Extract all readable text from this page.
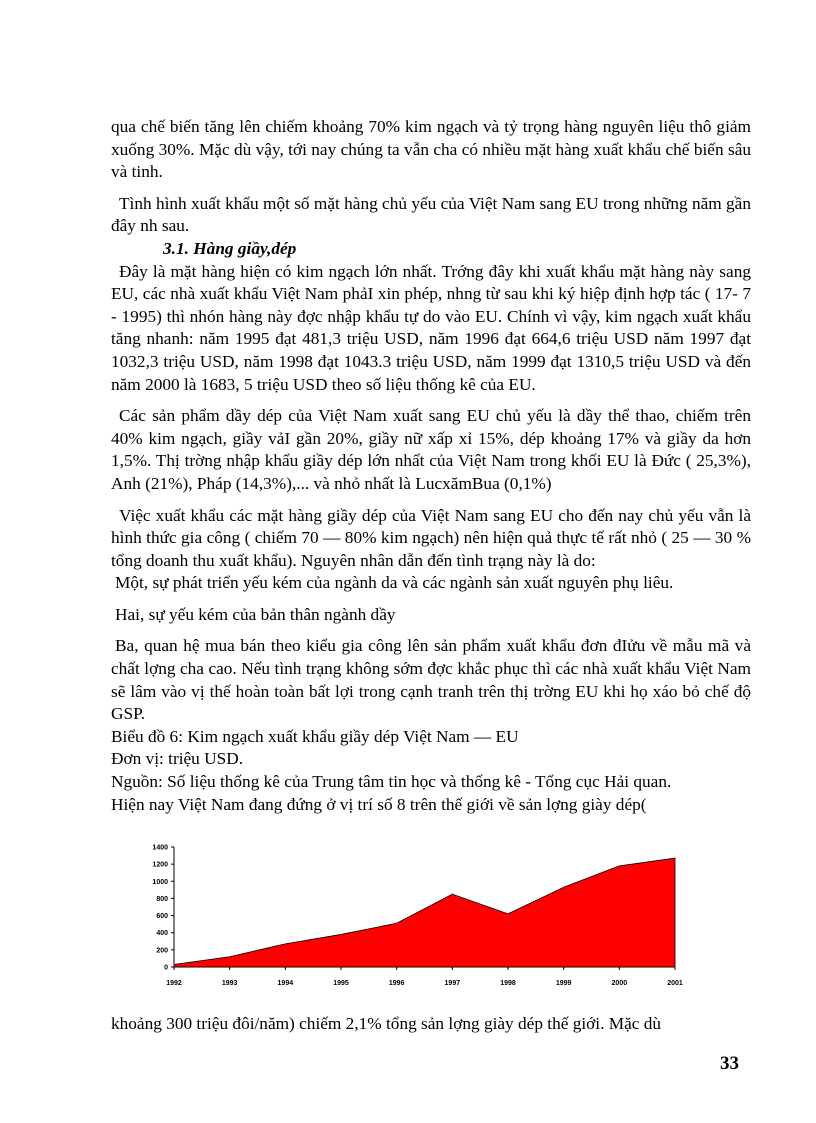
qua chế biến tăng lên chiếm khoảng 70% kim ngạch và tỷ trọng hàng nguyên liệu thô giảm xuống 30%. Mặc dù vậy, tới nay chúng ta vẫn cha có nhiều mặt hàng xuất khẩu chế biến sâu và tinh.

Tình hình xuất khẩu một số mặt hàng chủ yếu của Việt Nam sang EU trong những năm gần đây nh sau.

3.1. Hàng giầy,dép

Đây là mặt hàng hiện có kim ngạch lớn nhất. Trớng đây khi xuất khẩu mặt hàng này sang EU, các nhà xuất khẩu Việt Nam phảI xin phép, nhng từ sau khi ký hiệp định hợp tác ( 17- 7 - 1995) thì nhón hàng này đợc nhập khẩu tự do vào EU. Chính vì vậy, kim ngạch xuất khẩu tăng nhanh: năm 1995 đạt 481,3 triệu USD, năm 1996 đạt 664,6 triệu USD năm 1997 đạt 1032,3 triệu USD, năm 1998 đạt 1043.3 triệu USD, năm 1999 đạt 1310,5 triệu USD và đến năm 2000 là 1683, 5 triệu USD theo số liệu thống kê của EU.

Các sản phẩm dầy dép của Việt Nam xuất sang EU chủ yếu là dầy thể thao, chiếm trên 40% kim ngạch, giầy vảI gần 20%, giầy nữ xấp xỉ 15%, dép khoảng 17% và giầy da hơn 1,5%. Thị trờng nhập khẩu giầy dép lớn nhất của Việt Nam trong khối EU là Đức ( 25,3%), Anh (21%), Pháp (14,3%),... và nhỏ nhất là LucxămBua (0,1%)

Việc xuất khẩu các mặt hàng giầy dép của Việt Nam sang EU cho đến nay chủ yếu vẫn là hình thức gia công ( chiếm 70 — 80% kim ngạch) nên hiện quả thực tế rất nhỏ ( 25 — 30 % tổng doanh thu xuất khẩu). Nguyên nhân dẫn đến tình trạng này là do:

Một, sự phát triển yếu kém của ngành da và các ngành sản xuất nguyên phụ liêu.

Hai, sự yếu kém của bản thân ngành dầy

Ba, quan hệ mua bán theo kiểu gia công lên sản phẩm xuất khẩu đơn đIửu về mẫu mã và chất lợng cha cao. Nếu tình trạng không sớm đợc khắc phục thì các nhà xuất khẩu Việt Nam sẽ lâm vào vị thế hoàn toàn bất lợi trong cạnh tranh trên thị trờng EU khi họ xáo bỏ chế độ GSP.

Biểu đồ 6: Kim ngạch xuất khẩu giầy dép Việt Nam — EU

Đơn vị: triệu USD.

Nguồn: Số liệu thống kê của Trung tâm tin học và thống kê - Tổng cục Hải quan.

Hiện nay Việt Nam đang đứng ở vị trí số 8 trên thế giới về sản lợng giày dép(

0
200
400
600
800
1000
1200
1400
1992	1993	1994	1995	1996	1997	1998	1999	2000	2001

khoảng 300 triệu đôi/năm) chiếm 2,1% tổng sản lợng giày dép thế giới. Mặc dù

33
